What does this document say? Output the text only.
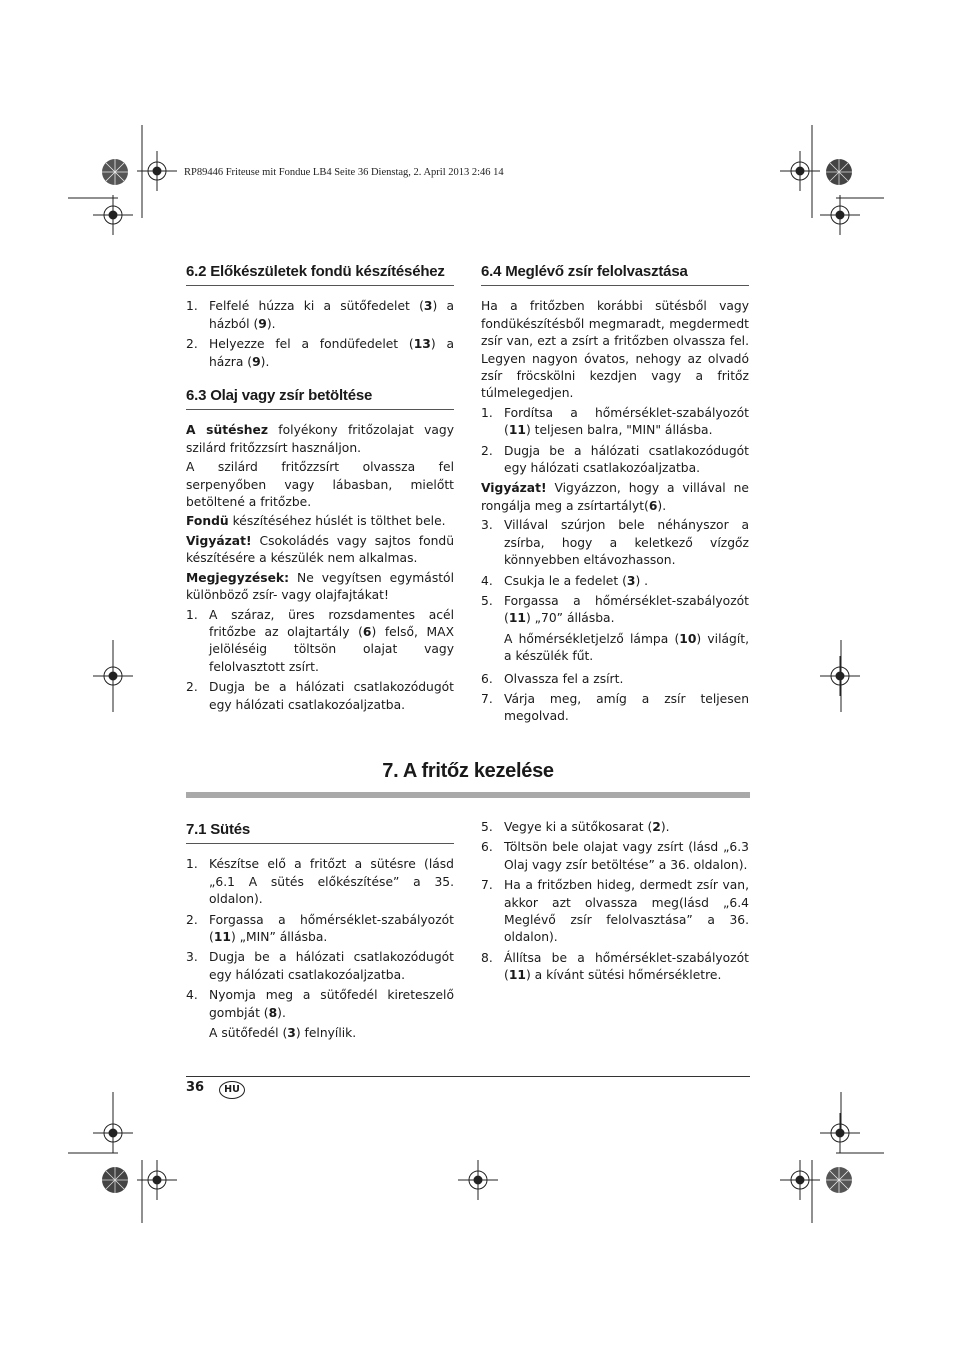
RP89446 Friteuse mit Fondue LB4 Seite 36 Dienstag, 2. April 2013 2:46 14
6.2 Előkészületek fondü készítéséhez
1. Felfelé húzza ki a sütőfedelet (3) a házból (9).
2. Helyezze fel a fondüfedelet (13) a házra (9).
6.3 Olaj vagy zsír betöltése

A sütéshez folyékony fritőzolajat vagy szilárd fritőzzsírt használjon.

A szilárd fritőzzsírt olvassza fel serpenyőben vagy lábasban, mielőtt betöltené a fritőzbe.

Fondü készítéséhez húslét is tölthet bele.

Vigyázat! Csokoládés vagy sajtos fondü készítésére a készülék nem alkalmas.

Megjegyzések: Ne vegyítsen egymástól különböző zsír- vagy olajfajtákat!

1. A száraz, üres rozsdamentes acél fritőzbe az olajtartály (6) felső, MAX jelöléséig töltsön olajat vagy felolvasztott zsírt.
2. Dugja be a hálózati csatlakozódugót egy hálózati csatlakozóaljzatba.
6.4 Meglévő zsír felolvasztása

Ha a fritőzben korábbi sütésből vagy fondükészítésből megmaradt, megdermedt zsír van, ezt a zsírt a fritőzben olvassza fel. Legyen nagyon óvatos, nehogy az olvadó zsír fröcskölni kezdjen vagy a fritőz túlmelegedjen.

1. Fordítsa a hőmérséklet-szabályozót (11) teljesen balra, "MIN" állásba.
2. Dugja be a hálózati csatlakozódugót egy hálózati csatlakozóaljzatba.

Vigyázat! Vigyázzon, hogy a villával ne rongálja meg a zsírtartályt(6).

3. Villával szúrjon bele néhányszor a zsírba, hogy a keletkező vízgőz könnyebben eltávozhasson.
4. Csukja le a fedelet (3) .
5. Forgassa a hőmérséklet-szabályozót (11) „70” állásba.
A hőmérsékletjelző lámpa (10) világít, a készülék fűt.
6. Olvassza fel a zsírt.
7. Várja meg, amíg a zsír teljesen megolvad.
7. A fritőz kezelése
7.1 Sütés
1. Készítse elő a fritőzt a sütésre (lásd „6.1 A sütés előkészítése” a 35. oldalon).
2. Forgassa a hőmérséklet-szabályozót (11) „MIN” állásba.
3. Dugja be a hálózati csatlakozódugót egy hálózati csatlakozóaljzatba.
4. Nyomja meg a sütőfedél kireteszelő gombját (8).
A sütőfedél (3) felnyílik.
5. Vegye ki a sütőkosarat (2).
6. Töltsön bele olajat vagy zsírt (lásd „6.3 Olaj vagy zsír betöltése” a 36. oldalon).
7. Ha a fritőzben hideg, dermedt zsír van, akkor azt olvassza meg(lásd „6.4 Meglévő zsír felolvasztása” a 36. oldalon).
8. Állítsa be a hőmérséklet-szabályozót (11) a kívánt sütési hőmérsékletre.
36	HU
